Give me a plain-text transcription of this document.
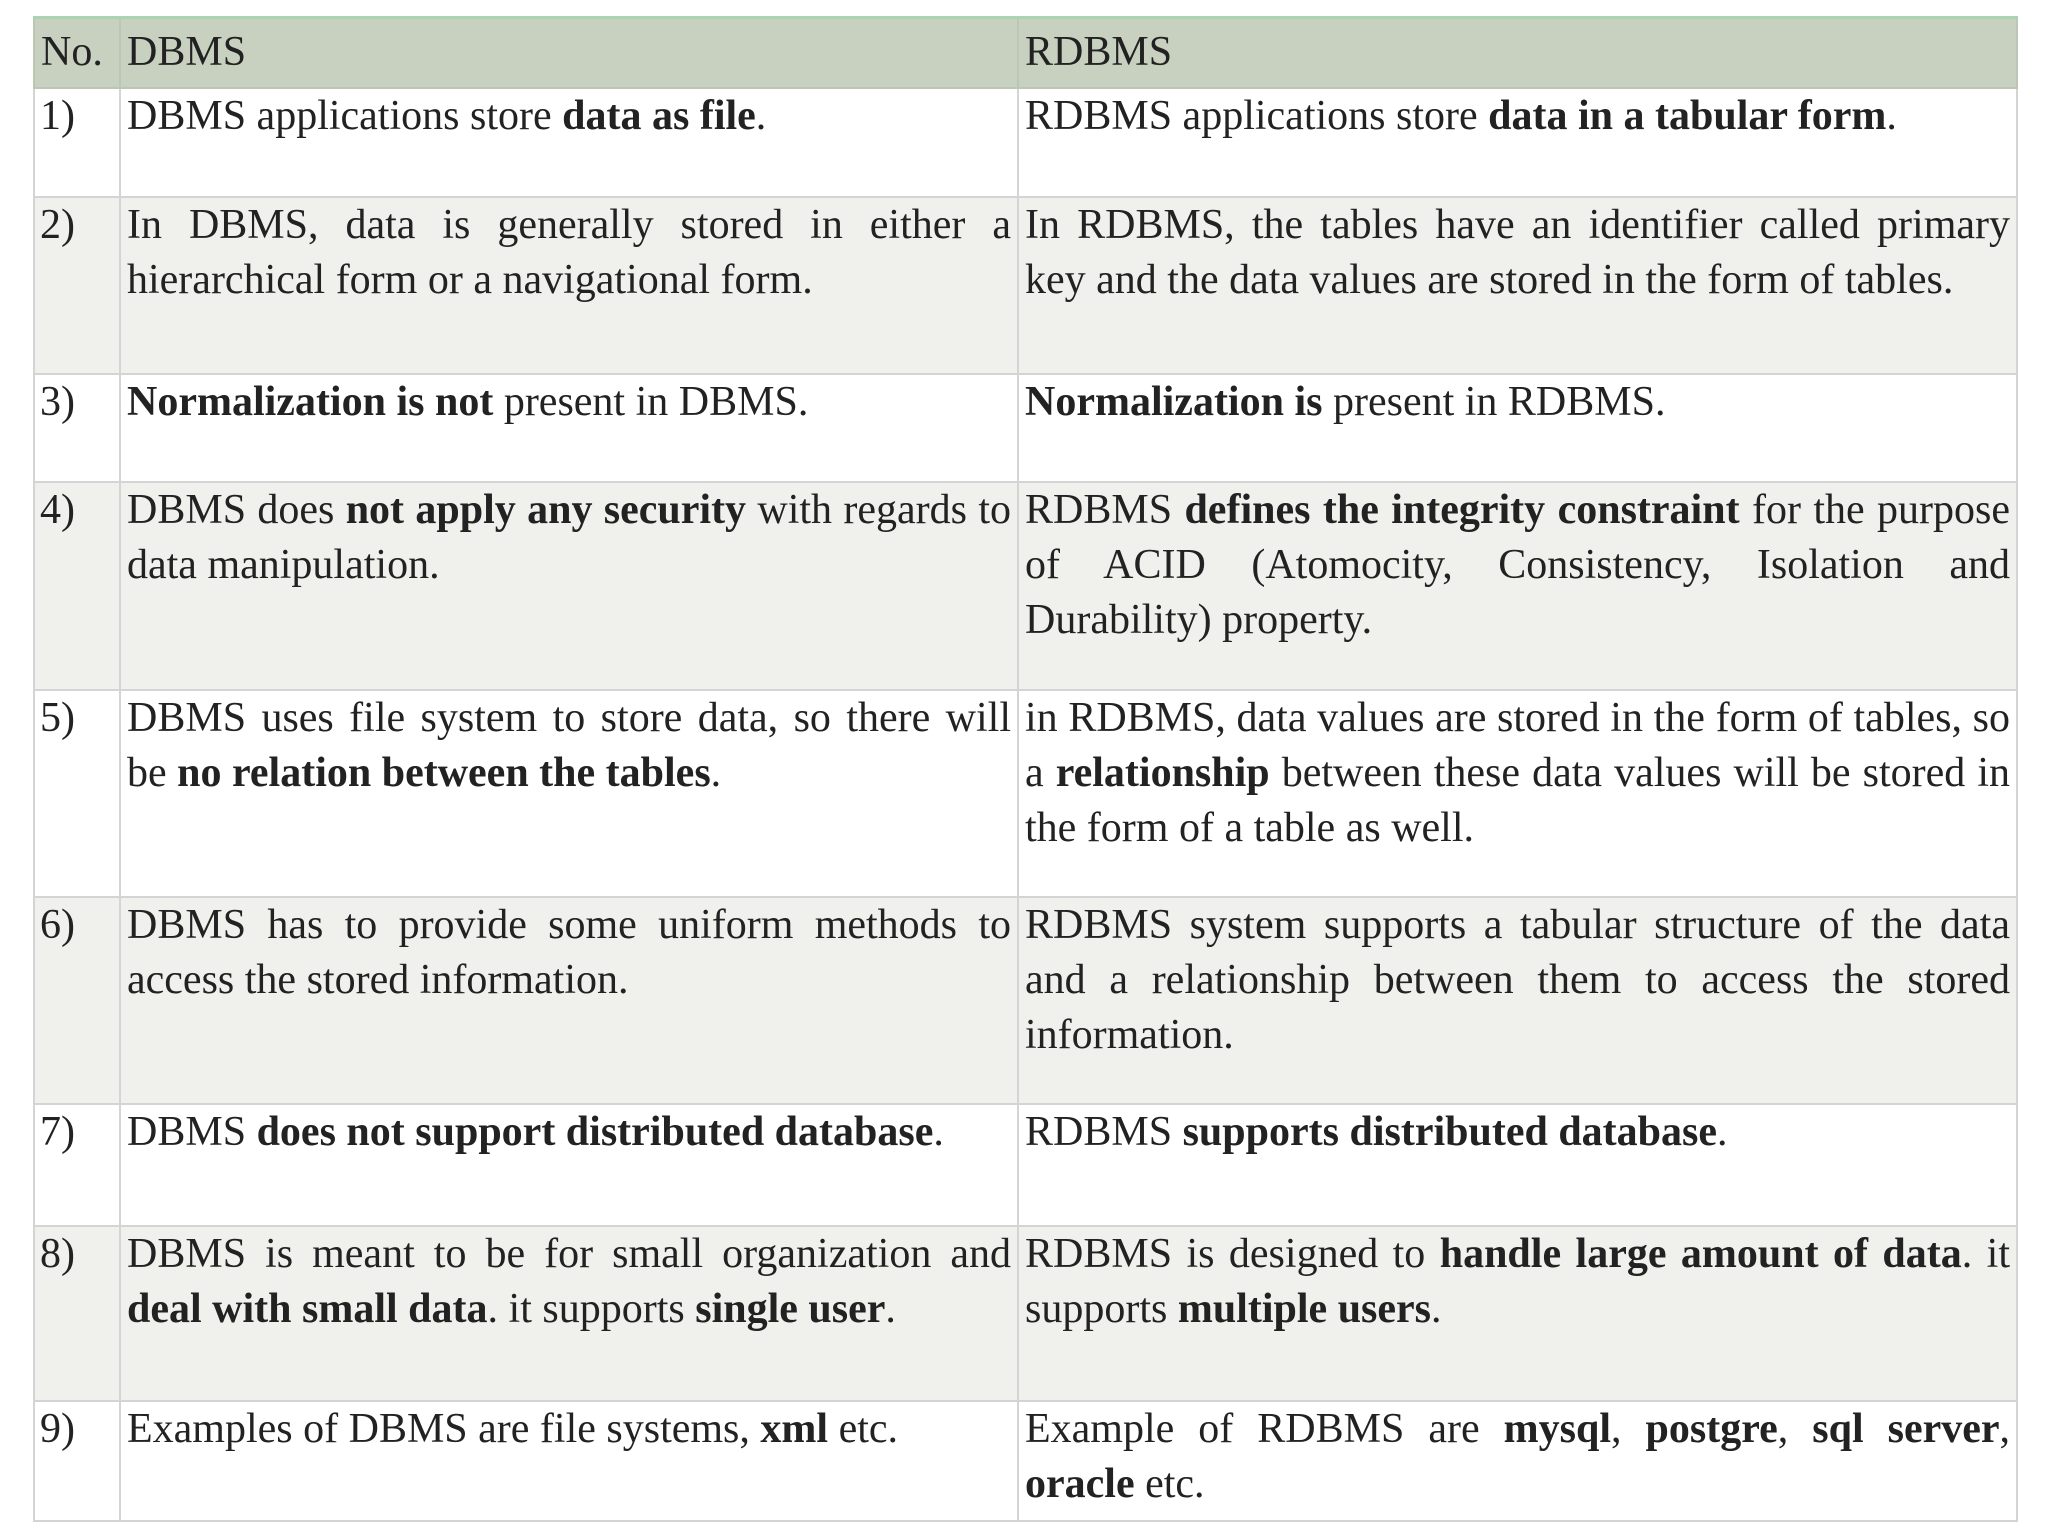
No.	DBMS	RDBMS
1)	DBMS applications store data as file.	RDBMS applications store data in a tabular form.
2)	In DBMS, data is generally stored in either a hierarchical form or a navigational form.	In RDBMS, the tables have an identifier called primary key and the data values are stored in the form of tables.
3)	Normalization is not present in DBMS.	Normalization is present in RDBMS.
4)	DBMS does not apply any security with regards to data manipulation.	RDBMS defines the integrity constraint for the purpose of ACID (Atomocity, Consistency, Isolation and Durability) property.
5)	DBMS uses file system to store data, so there will be no relation between the tables.	in RDBMS, data values are stored in the form of tables, so a relationship between these data values will be stored in the form of a table as well.
6)	DBMS has to provide some uniform methods to access the stored information.	RDBMS system supports a tabular structure of the data and a relationship between them to access the stored information.
7)	DBMS does not support distributed database.	RDBMS supports distributed database.
8)	DBMS is meant to be for small organization and deal with small data. it supports single user.	RDBMS is designed to handle large amount of data. it supports multiple users.
9)	Examples of DBMS are file systems, xml etc.	Example of RDBMS are mysql, postgre, sql server, oracle etc.
